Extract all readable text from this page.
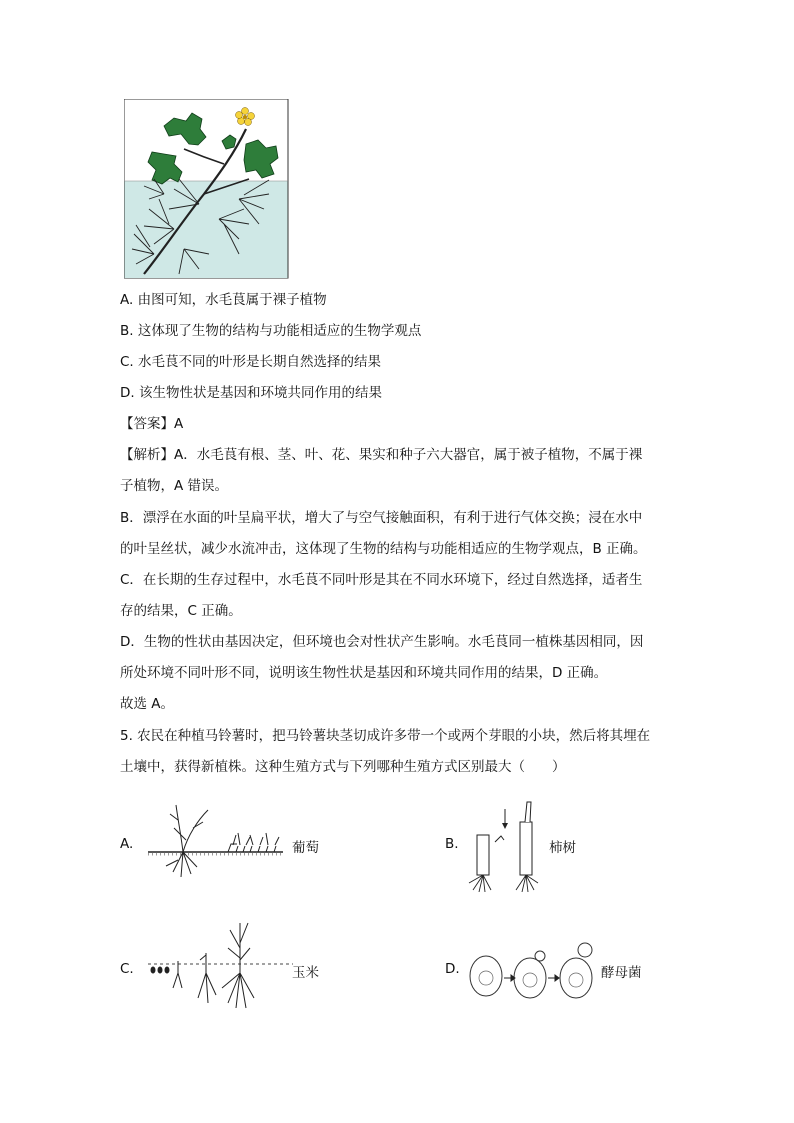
A. 由图可知，水毛茛属于裸子植物
B. 这体现了生物的结构与功能相适应的生物学观点
C. 水毛茛不同的叶形是长期自然选择的结果
D. 该生物性状是基因和环境共同作用的结果
【答案】A
【解析】A．水毛茛有根、茎、叶、花、果实和种子六大器官，属于被子植物，不属于裸
子植物，A 错误。
B．漂浮在水面的叶呈扁平状，增大了与空气接触面积，有利于进行气体交换；浸在水中
的叶呈丝状，减少水流冲击，这体现了生物的结构与功能相适应的生物学观点，B 正确。
C．在长期的生存过程中，水毛茛不同叶形是其在不同水环境下，经过自然选择，适者生
存的结果，C 正确。
D．生物的性状由基因决定，但环境也会对性状产生影响。水毛茛同一植株基因相同，因
所处环境不同叶形不同，说明该生物性状是基因和环境共同作用的结果，D 正确。
故选 A。
5. 农民在种植马铃薯时，把马铃薯块茎切成许多带一个或两个芽眼的小块，然后将其埋在
土壤中，获得新植株。这种生殖方式与下列哪种生殖方式区别最大（　　）
A.	葡萄	B.	柿树
C.	玉米	D.	酵母菌
